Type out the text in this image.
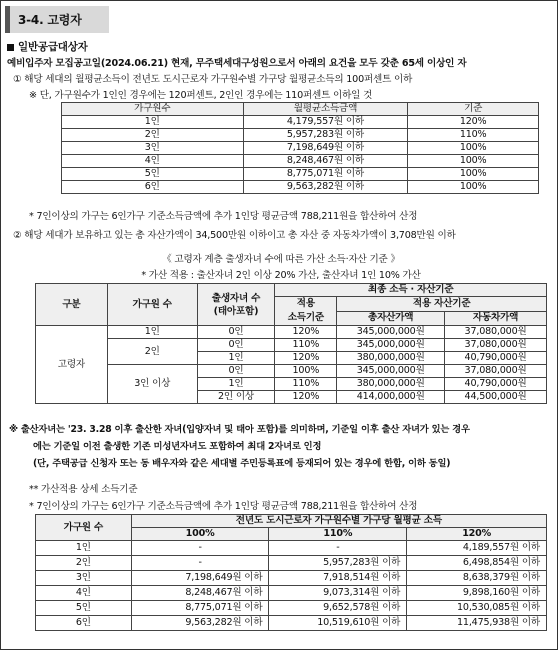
3-4. 고령자
일반공급대상자
예비입주자 모집공고일(2024.06.21) 현재, 무주택세대구성원으로서 아래의 요건을 모두 갖춘 65세 이상인 자
① 해당 세대의 월평균소득이 전년도 도시근로자 가구원수별 가구당 월평균소득의 100퍼센트 이하
※ 단, 가구원수가 1인인 경우에는 120퍼센트, 2인인 경우에는 110퍼센트 이하일 것
가구원수	월평균소득금액	기준
1인	4,179,557원 이하	120%
2인	5,957,283원 이하	110%
3인	7,198,649원 이하	100%
4인	8,248,467원 이하	100%
5인	8,775,071원 이하	100%
6인	9,563,282원 이하	100%
* 7인이상의 가구는 6인가구 기준소득금액에 추가 1인당 평균금액 788,211원을 합산하여 산정
② 해당 세대가 보유하고 있는 총 자산가액이 34,500만원 이하이고 총 자산 중 자동차가액이 3,708만원 이하
《 고령자 계층 출생자녀 수에 따른 가산 소득·자산 기준 》
* 가산 적용 : 출산자녀 2인 이상 20% 가산, 출산자녀 1인 10% 가산
구분	가구원 수	출생자녀 수
(태아포함)	최종 소득 · 자산기준		
			적용
소득기준	적용 자산기준	
				총자산가액	자동차가액
고령자	1인	0인	120%	345,000,000원	37,080,000원
	2인	0인	110%	345,000,000원	37,080,000원
		1인	120%	380,000,000원	40,790,000원
	3인 이상	0인	100%	345,000,000원	37,080,000원
		1인	110%	380,000,000원	40,790,000원
		2인 이상	120%	414,000,000원	44,500,000원
※ 출산자녀는 '23. 3.28 이후 출산한 자녀(입양자녀 및 태아 포함)를 의미하며, 기준일 이후 출산 자녀가 있는 경우
에는 기준일 이전 출생한 기존 미성년자녀도 포함하여 최대 2자녀로 인정
(단, 주택공급 신청자 또는 동 배우자와 같은 세대별 주민등록표에 등재되어 있는 경우에 한함, 이하 동일)
** 가산적용 상세 소득기준
* 7인이상의 가구는 6인가구 기준소득금액에 추가 1인당 평균금액 788,211원을 합산하여 산정
가구원 수	전년도 도시근로자 가구원수별 가구당 월평균 소득		
	100%	110%	120%
1인	-	-	4,189,557원 이하
2인	-	5,957,283원 이하	6,498,854원 이하
3인	7,198,649원 이하	7,918,514원 이하	8,638,379원 이하
4인	8,248,467원 이하	9,073,314원 이하	9,898,160원 이하
5인	8,775,071원 이하	9,652,578원 이하	10,530,085원 이하
6인	9,563,282원 이하	10,519,610원 이하	11,475,938원 이하
